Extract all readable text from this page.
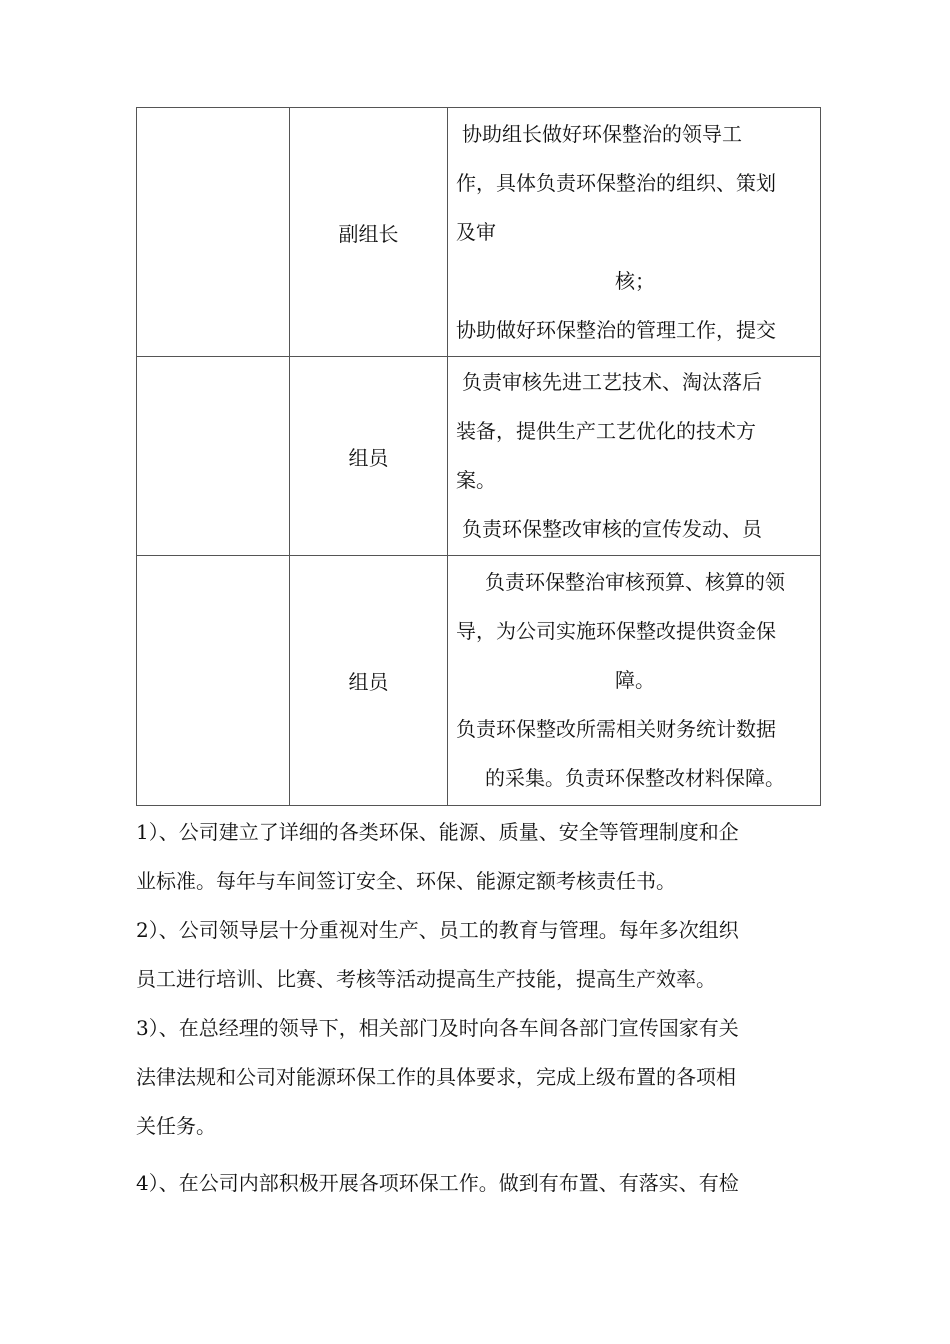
	副组长	协助组长做好环保整治的领导工
作，具体负责环保整治的组织、策划
及审
核；
协助做好环保整治的管理工作，提交

	组员	负责审核先进工艺技术、淘汰落后
装备，提供生产工艺优化的技术方
案。
负责环保整改审核的宣传发动、员

	组员	负责环保整治审核预算、核算的领
导，为公司实施环保整改提供资金保
障。
负责环保整改所需相关财务统计数据
的采集。负责环保整改材料保障。
1）、公司建立了详细的各类环保、能源、质量、安全等管理制度和企
业标准。每年与车间签订安全、环保、能源定额考核责任书。
2）、公司领导层十分重视对生产、员工的教育与管理。每年多次组织
员工进行培训、比赛、考核等活动提高生产技能，提高生产效率。
3）、在总经理的领导下，相关部门及时向各车间各部门宣传国家有关
法律法规和公司对能源环保工作的具体要求，完成上级布置的各项相
关任务。
4）、在公司内部积极开展各项环保工作。做到有布置、有落实、有检
